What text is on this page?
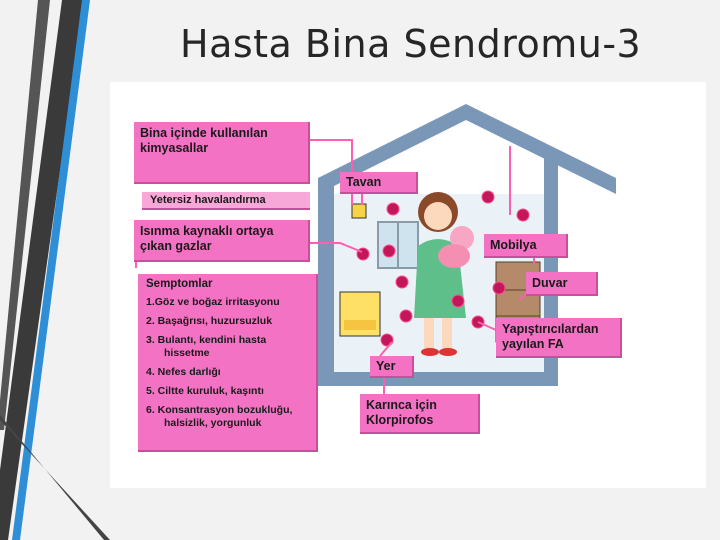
Hasta Bina Sendromu-3
Bina içinde kullanılan kimyasallar
Yetersiz havalandırma
Isınma kaynaklı ortaya çıkan gazlar
Tavan
Mobilya
Duvar
Yapıştırıcılardan yayılan FA
Yer
Karınca için Klorpirofos
Semptomlar
1.Göz ve boğaz irritasyonu
2. Başağrısı, huzursuzluk
3. Bulantı, kendini hasta
hissetme
4. Nefes darlığı
5. Ciltte kuruluk, kaşıntı
6. Konsantrasyon bozukluğu,
halsizlik, yorgunluk
